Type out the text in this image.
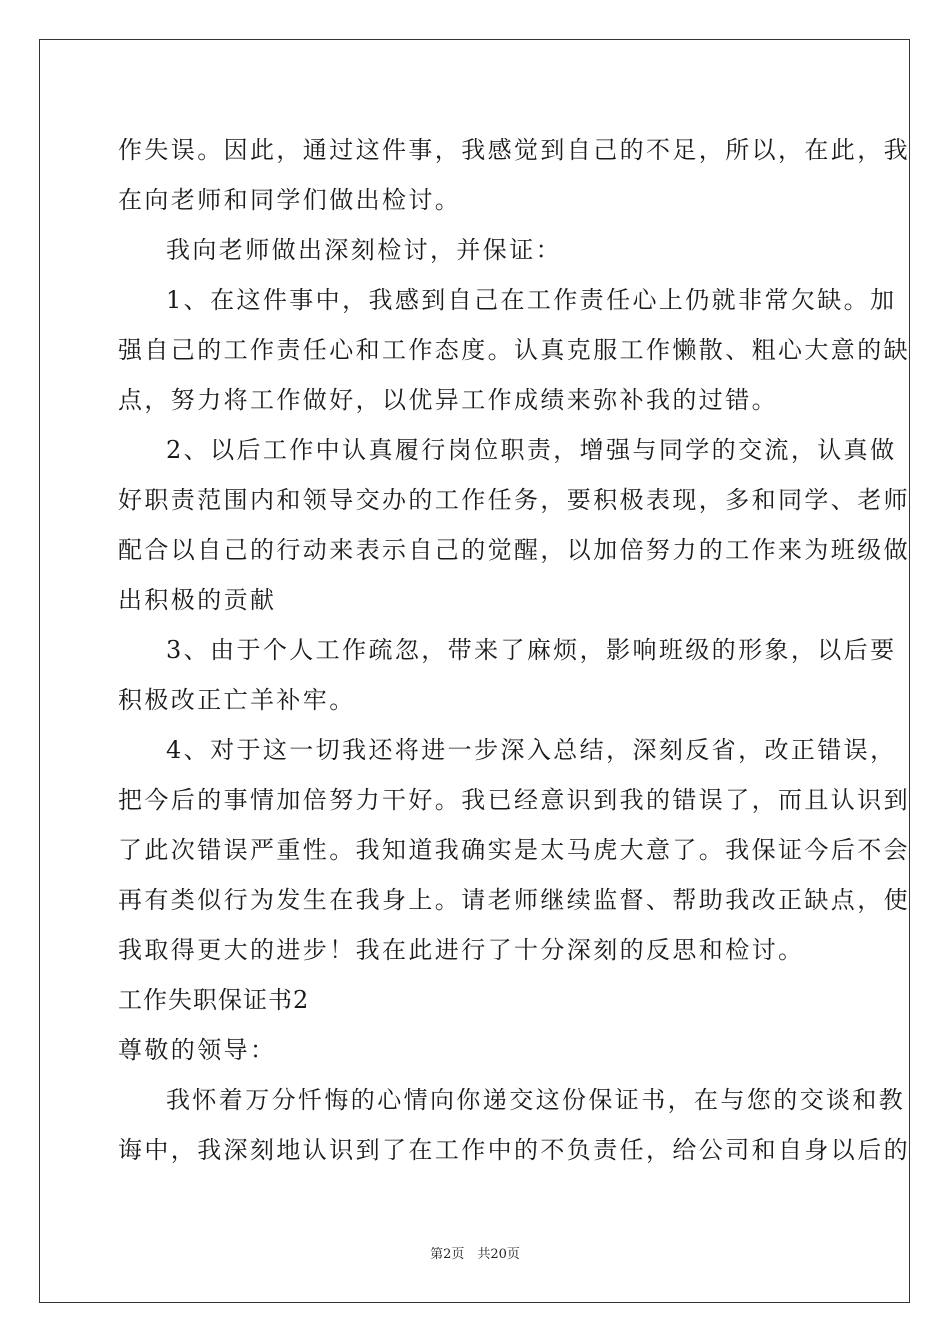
作失误。因此，通过这件事，我感觉到自己的不足，所以，在此，我
在向老师和同学们做出检讨。
我向老师做出深刻检讨，并保证：
1、在这件事中，我感到自己在工作责任心上仍就非常欠缺。加
强自己的工作责任心和工作态度。认真克服工作懒散、粗心大意的缺
点，努力将工作做好，以优异工作成绩来弥补我的过错。
2、以后工作中认真履行岗位职责，增强与同学的交流，认真做
好职责范围内和领导交办的工作任务，要积极表现，多和同学、老师
配合以自己的行动来表示自己的觉醒，以加倍努力的工作来为班级做
出积极的贡献
3、由于个人工作疏忽，带来了麻烦，影响班级的形象，以后要
积极改正亡羊补牢。
4、对于这一切我还将进一步深入总结，深刻反省，改正错误，
把今后的事情加倍努力干好。我已经意识到我的错误了，而且认识到
了此次错误严重性。我知道我确实是太马虎大意了。我保证今后不会
再有类似行为发生在我身上。请老师继续监督、帮助我改正缺点，使
我取得更大的进步！我在此进行了十分深刻的反思和检讨。
工作失职保证书2
尊敬的领导：
我怀着万分忏悔的心情向你递交这份保证书，在与您的交谈和教
诲中，我深刻地认识到了在工作中的不负责任，给公司和自身以后的
第2页　共20页
